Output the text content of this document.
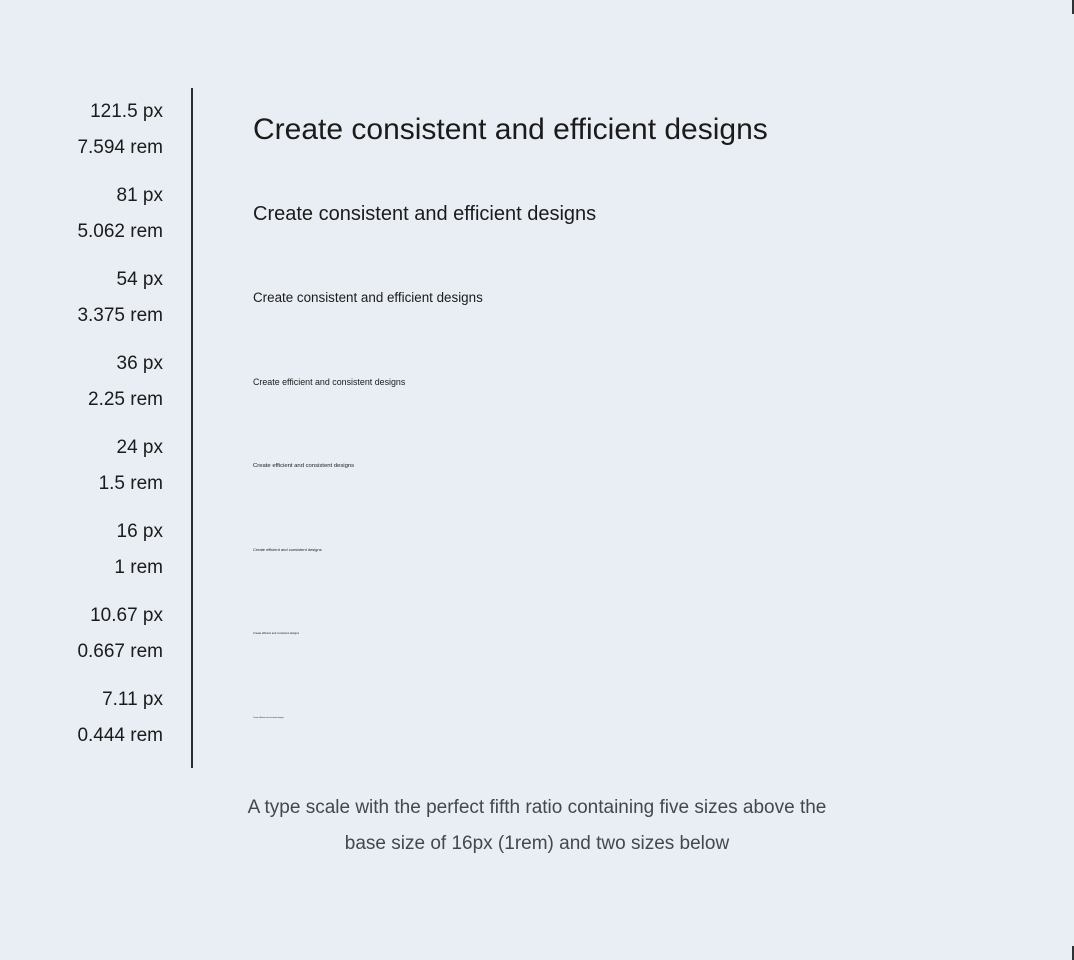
121.5 px
7.594 rem
81 px
5.062 rem
54 px
3.375 rem
36 px
2.25 rem
24 px
1.5 rem
16 px
1 rem
10.67 px
0.667 rem
7.11 px
0.444 rem
Create consistent and efficient designs
Create consistent and efficient designs
Create consistent and efficient designs
Create efficient and consistent designs
Create efficient and consistent designs
Create efficient and consistent designs
Create efficient and consistent designs
Create efficient and consistent designs
A type scale with the perfect fifth ratio containing five sizes above the
base size of 16px (1rem) and two sizes below
